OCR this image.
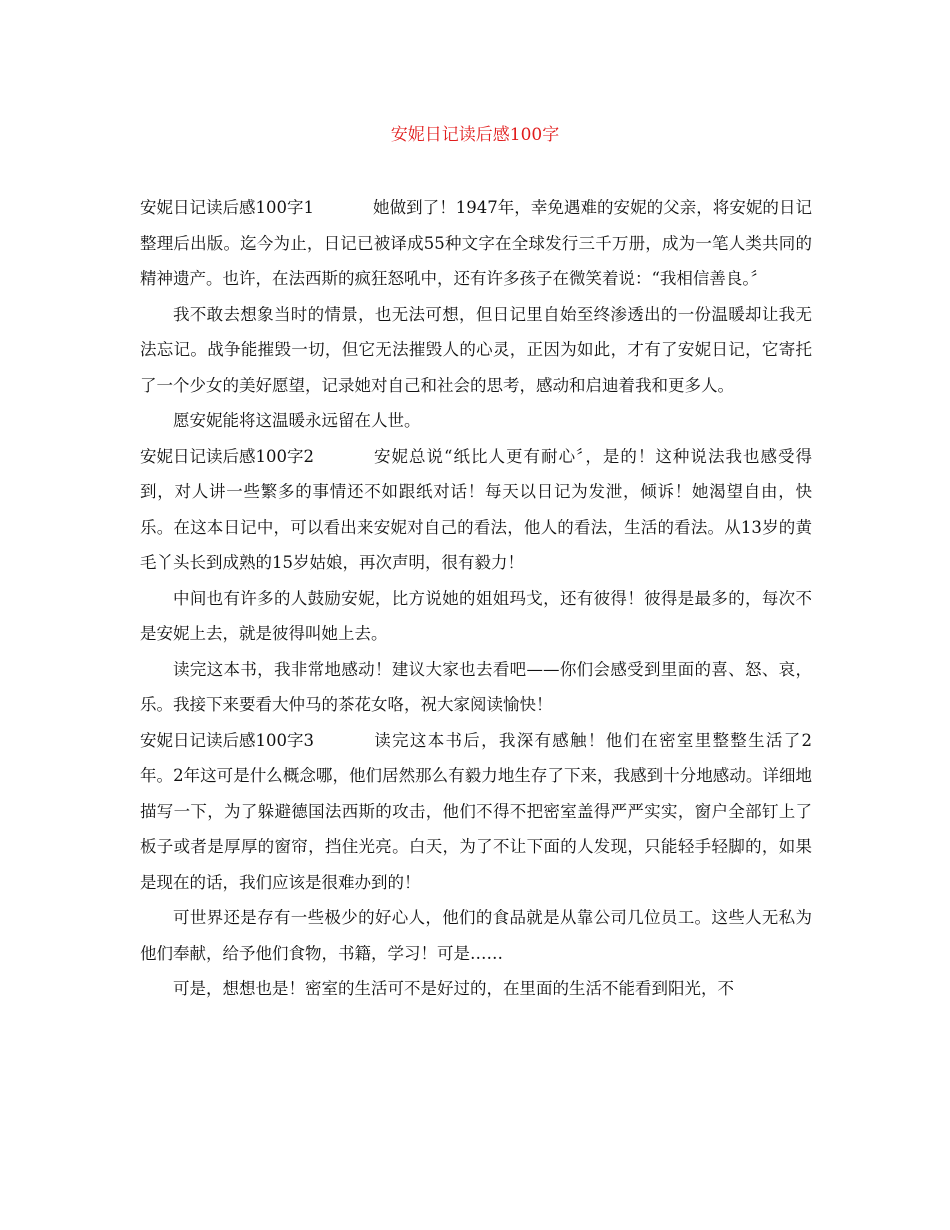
安妮日记读后感100字

安妮日记读后感100字1	她做到了！1947年，幸免遇难的安妮的父亲，将安妮的日记整理后出版。迄今为止，日记已被译成55种文字在全球发行三千万册，成为一笔人类共同的精神遗产。也许，在法西斯的疯狂怒吼中，还有许多孩子在微笑着说：“我相信善良。〞

我不敢去想象当时的情景，也无法可想，但日记里自始至终渗透出的一份温暖却让我无法忘记。战争能摧毁一切，但它无法摧毁人的心灵，正因为如此，才有了安妮日记，它寄托了一个少女的美好愿望，记录她对自己和社会的思考，感动和启迪着我和更多人。

愿安妮能将这温暖永远留在人世。

安妮日记读后感100字2	安妮总说“纸比人更有耐心〞，是的！这种说法我也感受得到，对人讲一些繁多的事情还不如跟纸对话！每天以日记为发泄，倾诉！她渴望自由，快乐。在这本日记中，可以看出来安妮对自己的看法，他人的看法，生活的看法。从13岁的黄毛丫头长到成熟的15岁姑娘，再次声明，很有毅力！

中间也有许多的人鼓励安妮，比方说她的姐姐玛戈，还有彼得！彼得是最多的，每次不是安妮上去，就是彼得叫她上去。

读完这本书，我非常地感动！建议大家也去看吧——你们会感受到里面的喜、怒、哀，乐。我接下来要看大仲马的茶花女咯，祝大家阅读愉快！

安妮日记读后感100字3	读完这本书后，我深有感触！他们在密室里整整生活了2年。2年这可是什么概念哪，他们居然那么有毅力地生存了下来，我感到十分地感动。详细地描写一下，为了躲避德国法西斯的攻击，他们不得不把密室盖得严严实实，窗户全部钉上了板子或者是厚厚的窗帘，挡住光亮。白天，为了不让下面的人发现，只能轻手轻脚的，如果是现在的话，我们应该是很难办到的！

可世界还是存有一些极少的好心人，他们的食品就是从靠公司几位员工。这些人无私为他们奉献，给予他们食物，书籍，学习！可是……

可是，想想也是！密室的生活可不是好过的，在里面的生活不能看到阳光，不
